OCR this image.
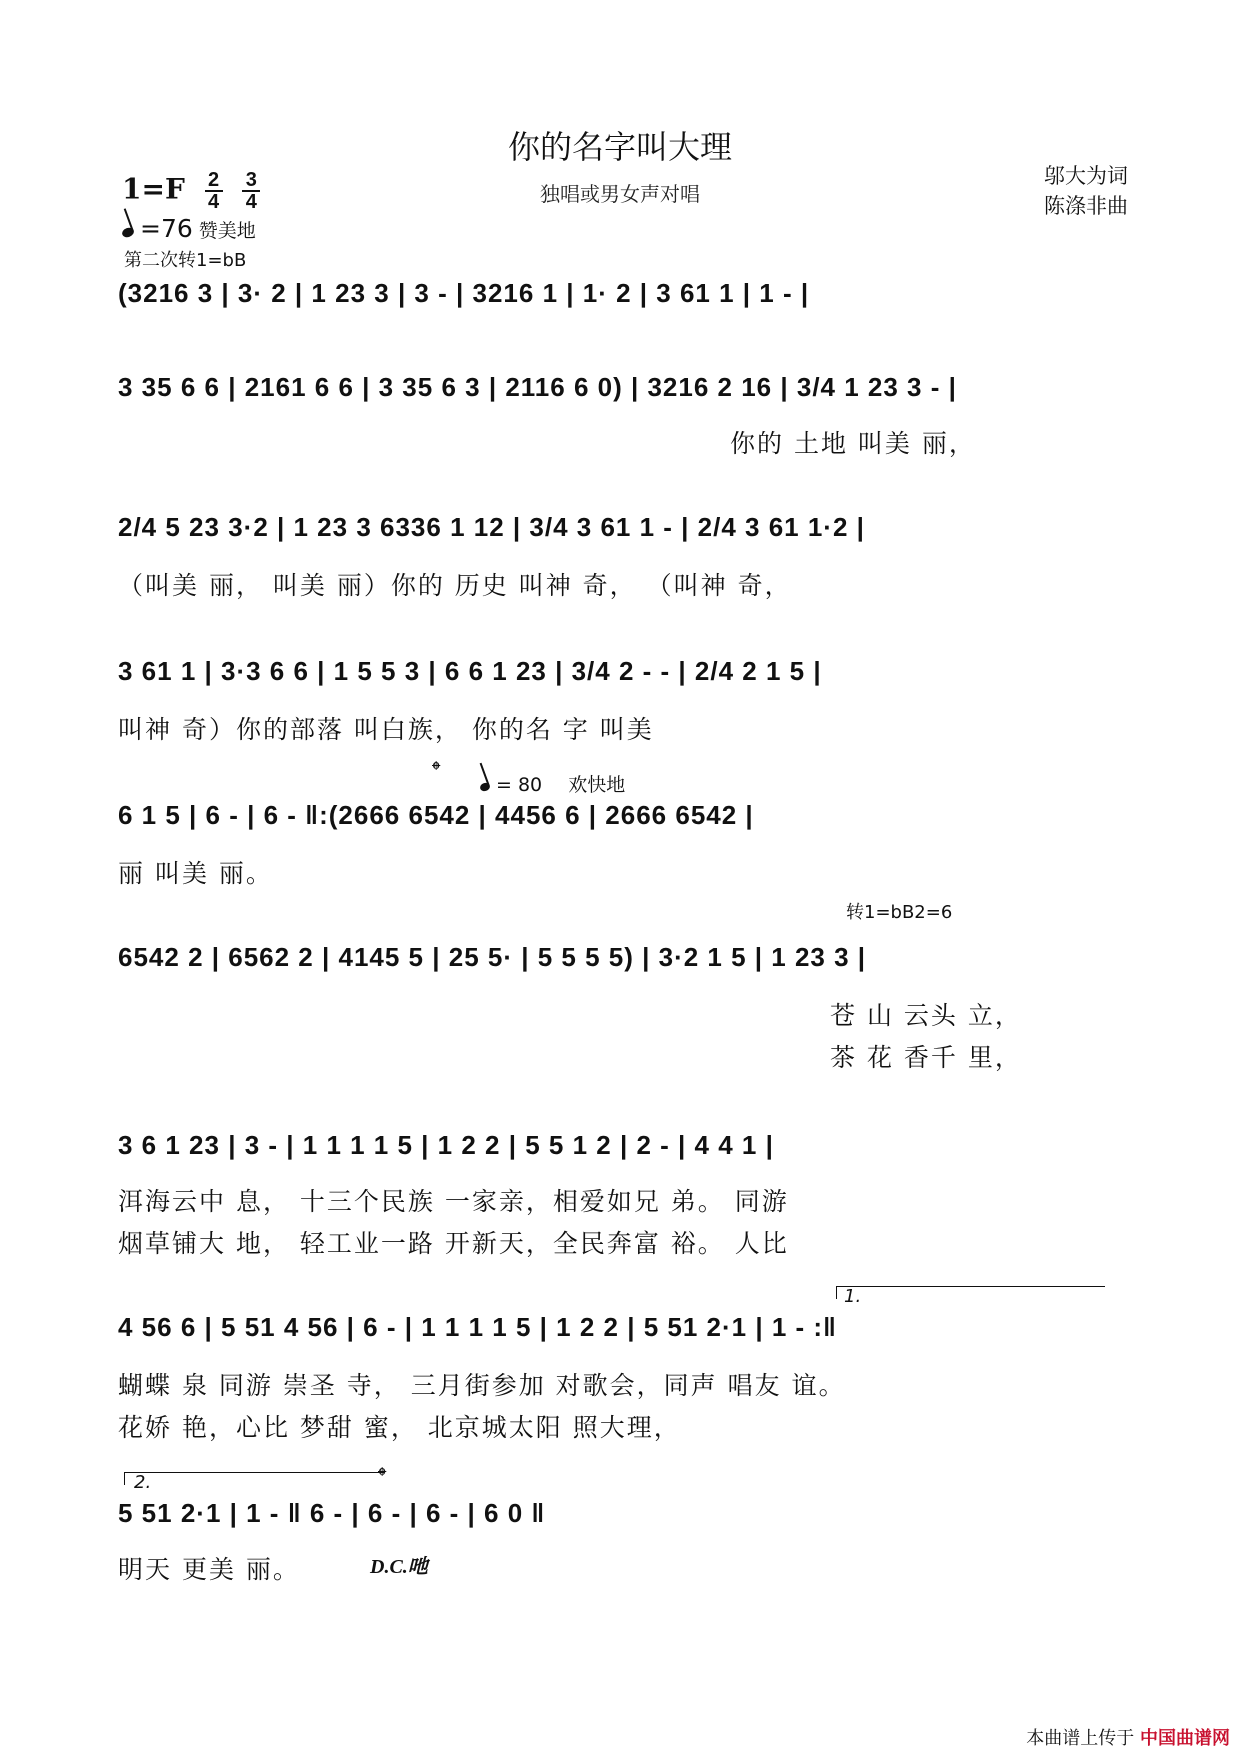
你的名字叫大理
独唱或男女声对唱
邬大为词
陈涤非曲
1=F 2
4 3
4
=76 赞美地
第二次转1=bB
(3216 3 | 3· 2 | 1 23 3 | 3 - | 3216 1 | 1· 2 | 3 61 1 | 1 - |
3 35 6 6 | 2161 6 6 | 3 35 6 3 | 2116 6 0) | 3216 2 16 | 3/4 1 23 3 - |
你的 土地 叫美 丽，
2/4 5 23 3·2 | 1 23 3 6336 1 12 | 3/4 3 61 1 - | 2/4 3 61 1·2 |
（叫美 丽， 叫美 丽）你的 历史 叫神 奇， （叫神 奇，
3 61 1 | 3·3 6 6 | 1 5 5 3 | 6 6 1 23 | 3/4 2 - - | 2/4 2 1 5 |
叫神 奇）你的部落 叫白族， 你的名 字 叫美
𝄌
= 80 欢快地
6 1 5 | 6 - | 6 - ‖:(2666 6542 | 4456 6 | 2666 6542 |
丽 叫美 丽。
转1=bB2=6
6542 2 | 6562 2 | 4145 5 | 25 5· | 5 5 5 5) | 3·2 1 5 | 1 23 3 |
苍 山 云头 立，
茶 花 香千 里，
3 6 1 23 | 3 - | 1 1 1 1 5 | 1 2 2 | 5 5 1 2 | 2 - | 4 4 1 |
洱海云中 息， 十三个民族 一家亲，相爱如兄 弟。 同游
烟草铺大 地， 轻工业一路 开新天，全民奔富 裕。 人比
1.
4 56 6 | 5 51 4 56 | 6 - | 1 1 1 1 5 | 1 2 2 | 5 51 2·1 | 1 - :‖
蝴蝶 泉 同游 崇圣 寺， 三月街参加 对歌会，同声 唱友 谊。
花娇 艳，心比 梦甜 蜜， 北京城太阳 照大理，
2.	𝄌
5 51 2·1 | 1 - ‖ 6 - | 6 - | 6 - | 6 0 ‖
明天 更美 丽。	D.C.吔
本曲谱上传于 中国曲谱网
